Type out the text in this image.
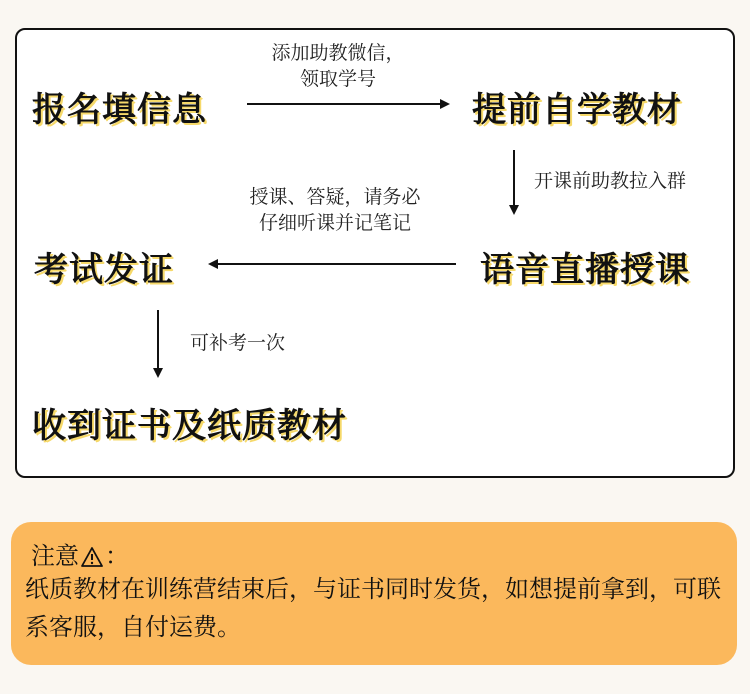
报名填信息	提前自学教材
语音直播授课
考试发证
收到证书及纸质教材
添加助教微信，
领取学号
开课前助教拉入群
授课、答疑，请务必
仔细听课并记笔记
可补考一次
注意 ：
纸质教材在训练营结束后，与证书同时发货，如想提前拿到，可联系客服，自付运费。
